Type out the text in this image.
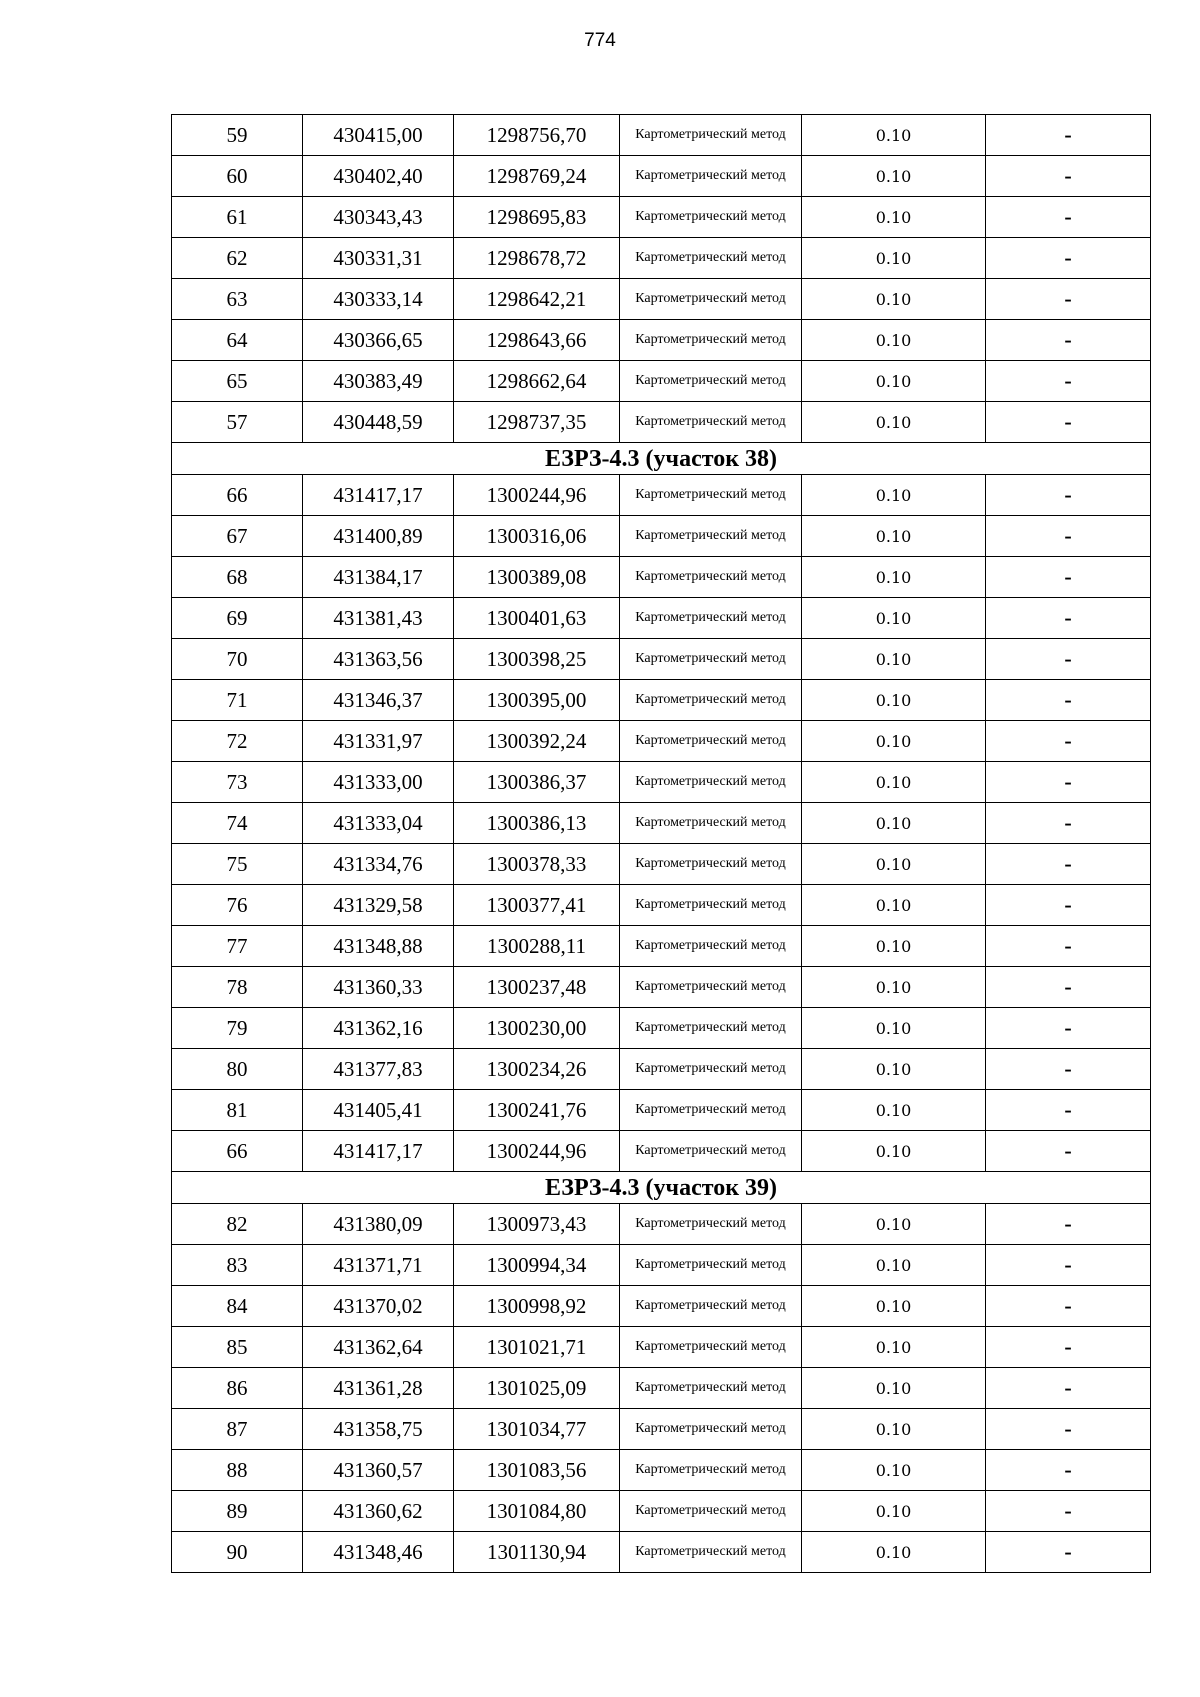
774
59	430415,00	1298756,70	Картометрический метод	0.10	-
60	430402,40	1298769,24	Картометрический метод	0.10	-
61	430343,43	1298695,83	Картометрический метод	0.10	-
62	430331,31	1298678,72	Картометрический метод	0.10	-
63	430333,14	1298642,21	Картометрический метод	0.10	-
64	430366,65	1298643,66	Картометрический метод	0.10	-
65	430383,49	1298662,64	Картометрический метод	0.10	-
57	430448,59	1298737,35	Картометрический метод	0.10	-
ЕЗРЗ-4.3 (участок 38)					
66	431417,17	1300244,96	Картометрический метод	0.10	-
67	431400,89	1300316,06	Картометрический метод	0.10	-
68	431384,17	1300389,08	Картометрический метод	0.10	-
69	431381,43	1300401,63	Картометрический метод	0.10	-
70	431363,56	1300398,25	Картометрический метод	0.10	-
71	431346,37	1300395,00	Картометрический метод	0.10	-
72	431331,97	1300392,24	Картометрический метод	0.10	-
73	431333,00	1300386,37	Картометрический метод	0.10	-
74	431333,04	1300386,13	Картометрический метод	0.10	-
75	431334,76	1300378,33	Картометрический метод	0.10	-
76	431329,58	1300377,41	Картометрический метод	0.10	-
77	431348,88	1300288,11	Картометрический метод	0.10	-
78	431360,33	1300237,48	Картометрический метод	0.10	-
79	431362,16	1300230,00	Картометрический метод	0.10	-
80	431377,83	1300234,26	Картометрический метод	0.10	-
81	431405,41	1300241,76	Картометрический метод	0.10	-
66	431417,17	1300244,96	Картометрический метод	0.10	-
ЕЗРЗ-4.3 (участок 39)					
82	431380,09	1300973,43	Картометрический метод	0.10	-
83	431371,71	1300994,34	Картометрический метод	0.10	-
84	431370,02	1300998,92	Картометрический метод	0.10	-
85	431362,64	1301021,71	Картометрический метод	0.10	-
86	431361,28	1301025,09	Картометрический метод	0.10	-
87	431358,75	1301034,77	Картометрический метод	0.10	-
88	431360,57	1301083,56	Картометрический метод	0.10	-
89	431360,62	1301084,80	Картометрический метод	0.10	-
90	431348,46	1301130,94	Картометрический метод	0.10	-
